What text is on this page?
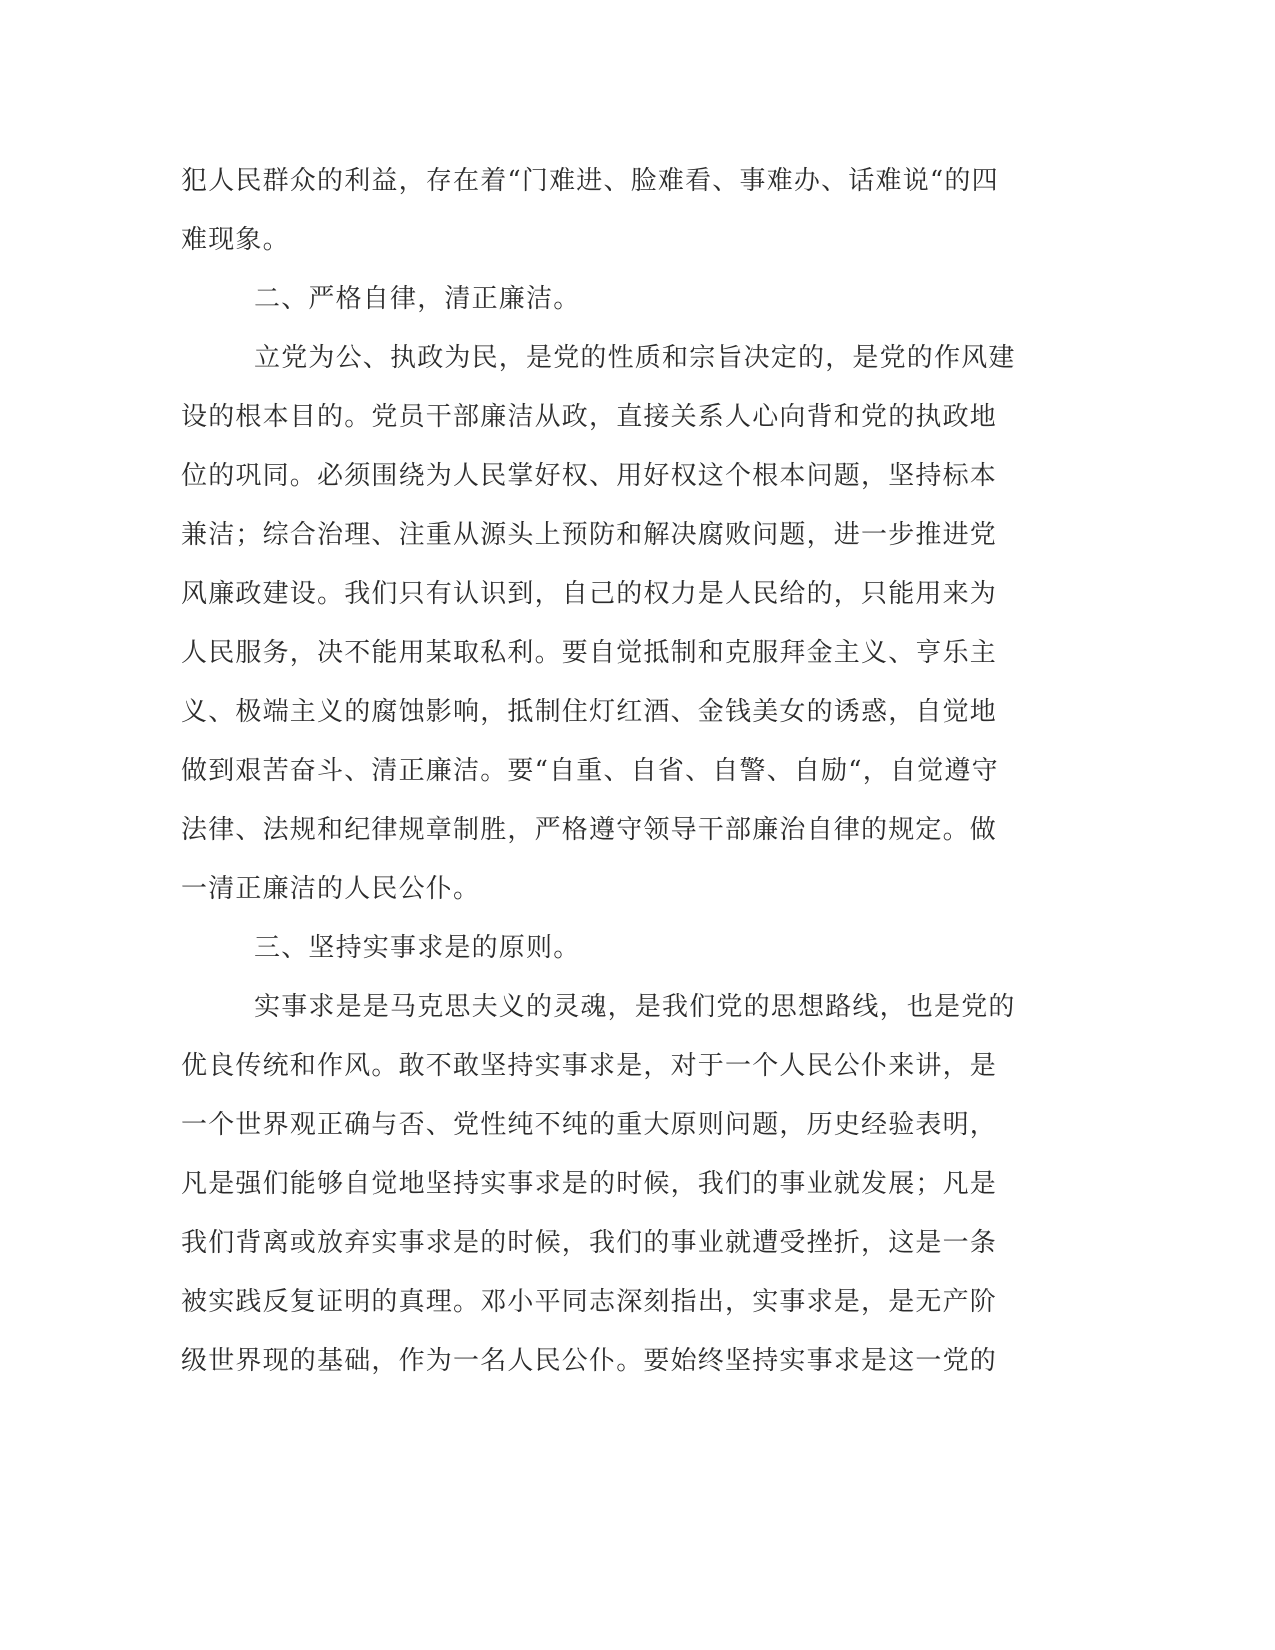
犯人民群众的利益，存在着“门难进、脸难看、事难办、话难说“的四
难现象。
二、严格自律，清正廉洁。
立党为公、执政为民，是党的性质和宗旨决定的，是党的作风建
设的根本目的。党员干部廉洁从政，直接关系人心向背和党的执政地
位的巩同。必须围绕为人民掌好权、用好权这个根本问题，坚持标本
兼洁；综合治理、注重从源头上预防和解决腐败问题，进一步推进党
风廉政建设。我们只有认识到，自己的权力是人民给的，只能用来为
人民服务，决不能用某取私利。要自觉抵制和克服拜金主义、亨乐主
义、极端主义的腐蚀影响，抵制住灯红酒、金钱美女的诱惑，自觉地
做到艰苦奋斗、清正廉洁。要“自重、自省、自警、自励“，自觉遵守
法律、法规和纪律规章制胜，严格遵守领导干部廉治自律的规定。做
一清正廉洁的人民公仆。
三、坚持实事求是的原则。
实事求是是马克思夫义的灵魂，是我们党的思想路线，也是党的
优良传统和作风。敢不敢坚持实事求是，对于一个人民公仆来讲，是
一个世界观正确与否、党性纯不纯的重大原则问题，历史经验表明，
凡是强们能够自觉地坚持实事求是的时候，我们的事业就发展；凡是
我们背离或放弃实事求是的时候，我们的事业就遭受挫折，这是一条
被实践反复证明的真理。邓小平同志深刻指出，实事求是，是无产阶
级世界现的基础，作为一名人民公仆。要始终坚持实事求是这一党的
